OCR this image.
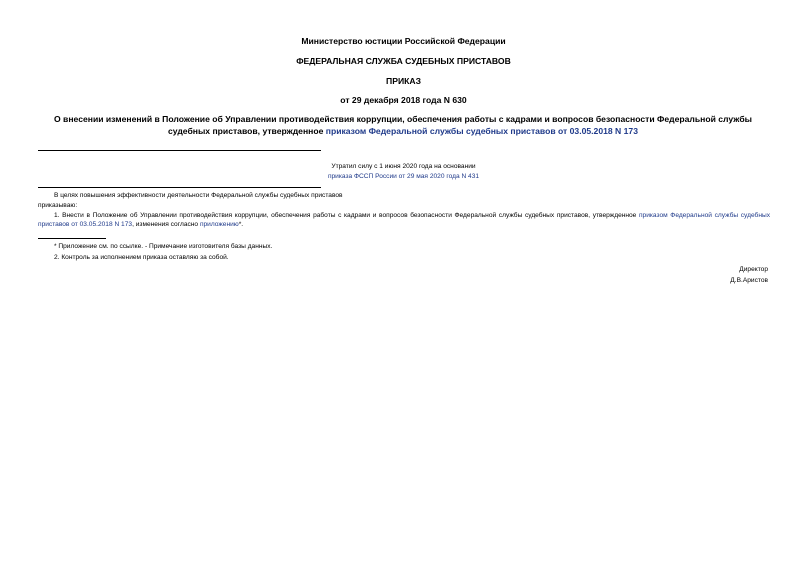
Министерство юстиции Российской Федерации
ФЕДЕРАЛЬНАЯ СЛУЖБА СУДЕБНЫХ ПРИСТАВОВ
ПРИКАЗ
от 29 декабря 2018 года N 630
О внесении изменений в Положение об Управлении противодействия коррупции, обеспечения работы с кадрами и вопросов безопасности Федеральной службы судебных приставов, утвержденное приказом Федеральной службы судебных приставов от 03.05.2018 N 173
Утратил силу с 1 июня 2020 года на основании
приказа ФССП России от 29 мая 2020 года N 431
В целях повышения эффективности деятельности Федеральной службы судебных приставов
приказываю:
1. Внести в Положение об Управлении противодействия коррупции, обеспечения работы с кадрами и вопросов безопасности Федеральной службы судебных приставов, утвержденное приказом Федеральной службы судебных приставов от 03.05.2018 N 173, изменения согласно приложению*.
* Приложение см. по ссылке. - Примечание изготовителя базы данных.
2. Контроль за исполнением приказа оставляю за собой.
Директор
Д.В.Аристов
